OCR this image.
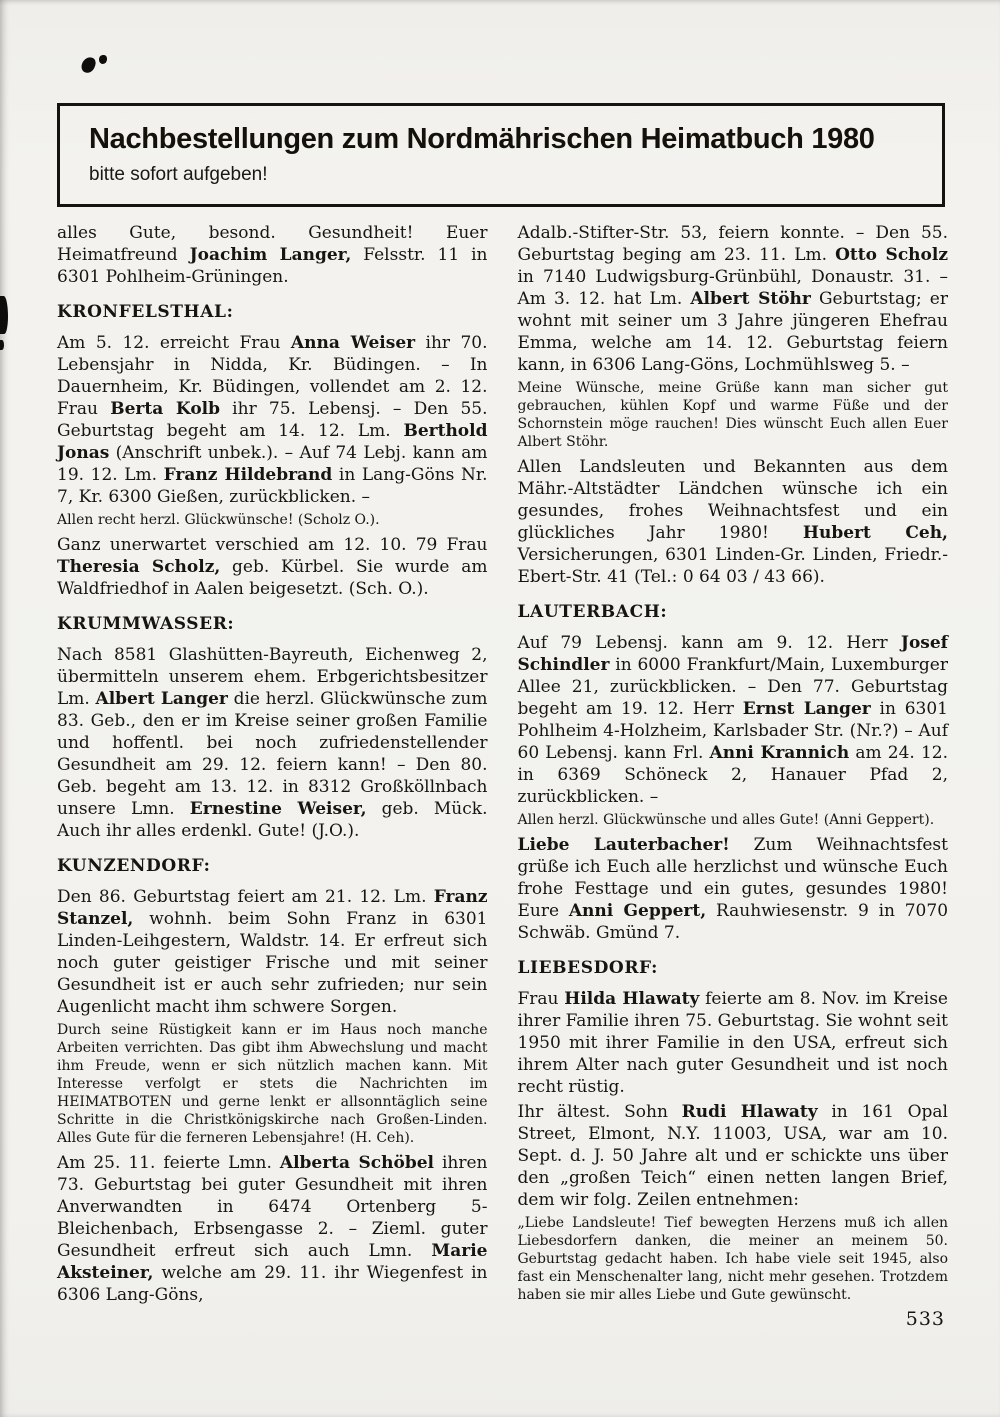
Nachbestellungen zum Nordmährischen Heimatbuch 1980
bitte sofort aufgeben!
alles Gute, besond. Gesundheit! Euer Heimatfreund Joachim Langer, Felsstr. 11 in 6301 Pohlheim-Grüningen.
KRONFELSTHAL:
Am 5. 12. erreicht Frau Anna Weiser ihr 70. Lebensjahr in Nidda, Kr. Büdingen. – In Dauernheim, Kr. Büdingen, vollendet am 2. 12. Frau Berta Kolb ihr 75. Lebensj. – Den 55. Geburtstag begeht am 14. 12. Lm. Berthold Jonas (Anschrift unbek.). – Auf 74 Lebj. kann am 19. 12. Lm. Franz Hildebrand in Lang-Göns Nr. 7, Kr. 6300 Gießen, zurückblicken. –
Allen recht herzl. Glückwünsche! (Scholz O.).
Ganz unerwartet verschied am 12. 10. 79 Frau Theresia Scholz, geb. Kürbel. Sie wurde am Waldfriedhof in Aalen beigesetzt. (Sch. O.).
KRUMMWASSER:
Nach 8581 Glashütten-Bayreuth, Eichenweg 2, übermitteln unserem ehem. Erbgerichtsbesitzer Lm. Albert Langer die herzl. Glückwünsche zum 83. Geb., den er im Kreise seiner großen Familie und hoffentl. bei noch zufriedenstellender Gesundheit am 29. 12. feiern kann! – Den 80. Geb. begeht am 13. 12. in 8312 Großköllnbach unsere Lmn. Ernestine Weiser, geb. Mück. Auch ihr alles erdenkl. Gute! (J.O.).
KUNZENDORF:
Den 86. Geburtstag feiert am 21. 12. Lm. Franz Stanzel, wohnh. beim Sohn Franz in 6301 Linden-Leihgestern, Waldstr. 14. Er erfreut sich noch guter geistiger Frische und mit seiner Gesundheit ist er auch sehr zufrieden; nur sein Augenlicht macht ihm schwere Sorgen.
Durch seine Rüstigkeit kann er im Haus noch manche Arbeiten verrichten. Das gibt ihm Abwechslung und macht ihm Freude, wenn er sich nützlich machen kann. Mit Interesse verfolgt er stets die Nachrichten im HEIMATBOTEN und gerne lenkt er allsonntäglich seine Schritte in die Christkönigskirche nach Großen-Linden. Alles Gute für die ferneren Lebensjahre! (H. Ceh).
Am 25. 11. feierte Lmn. Alberta Schöbel ihren 73. Geburtstag bei guter Gesundheit mit ihren Anverwandten in 6474 Ortenberg 5-Bleichenbach, Erbsengasse 2. – Zieml. guter Gesundheit erfreut sich auch Lmn. Marie Aksteiner, welche am 29. 11. ihr Wiegenfest in 6306 Lang-Göns,
Adalb.-Stifter-Str. 53, feiern konnte. – Den 55. Geburtstag beging am 23. 11. Lm. Otto Scholz in 7140 Ludwigsburg-Grünbühl, Donaustr. 31. – Am 3. 12. hat Lm. Albert Stöhr Geburtstag; er wohnt mit seiner um 3 Jahre jüngeren Ehefrau Emma, welche am 14. 12. Geburtstag feiern kann, in 6306 Lang-Göns, Lochmühlsweg 5. –
Meine Wünsche, meine Grüße kann man sicher gut gebrauchen, kühlen Kopf und warme Füße und der Schornstein möge rauchen! Dies wünscht Euch allen Euer Albert Stöhr.
Allen Landsleuten und Bekannten aus dem Mähr.-Altstädter Ländchen wünsche ich ein gesundes, frohes Weihnachtsfest und ein glückliches Jahr 1980! Hubert Ceh, Versicherungen, 6301 Linden-Gr. Linden, Friedr.-Ebert-Str. 41 (Tel.: 0 64 03 / 43 66).
LAUTERBACH:
Auf 79 Lebensj. kann am 9. 12. Herr Josef Schindler in 6000 Frankfurt/Main, Luxemburger Allee 21, zurückblicken. – Den 77. Geburtstag begeht am 19. 12. Herr Ernst Langer in 6301 Pohlheim 4-Holzheim, Karlsbader Str. (Nr.?) – Auf 60 Lebensj. kann Frl. Anni Krannich am 24. 12. in 6369 Schöneck 2, Hanauer Pfad 2, zurückblicken. –
Allen herzl. Glückwünsche und alles Gute! (Anni Geppert).
Liebe Lauterbacher! Zum Weihnachtsfest grüße ich Euch alle herzlichst und wünsche Euch frohe Festtage und ein gutes, gesundes 1980! Eure Anni Geppert, Rauhwiesenstr. 9 in 7070 Schwäb. Gmünd 7.
LIEBESDORF:
Frau Hilda Hlawaty feierte am 8. Nov. im Kreise ihrer Familie ihren 75. Geburtstag. Sie wohnt seit 1950 mit ihrer Familie in den USA, erfreut sich ihrem Alter nach guter Gesundheit und ist noch recht rüstig.
Ihr ältest. Sohn Rudi Hlawaty in 161 Opal Street, Elmont, N.Y. 11003, USA, war am 10. Sept. d. J. 50 Jahre alt und er schickte uns über den „großen Teich“ einen netten langen Brief, dem wir folg. Zeilen entnehmen:
„Liebe Landsleute! Tief bewegten Herzens muß ich allen Liebesdorfern danken, die meiner an meinem 50. Geburtstag gedacht haben. Ich habe viele seit 1945, also fast ein Menschenalter lang, nicht mehr gesehen. Trotzdem haben sie mir alles Liebe und Gute gewünscht.
533
